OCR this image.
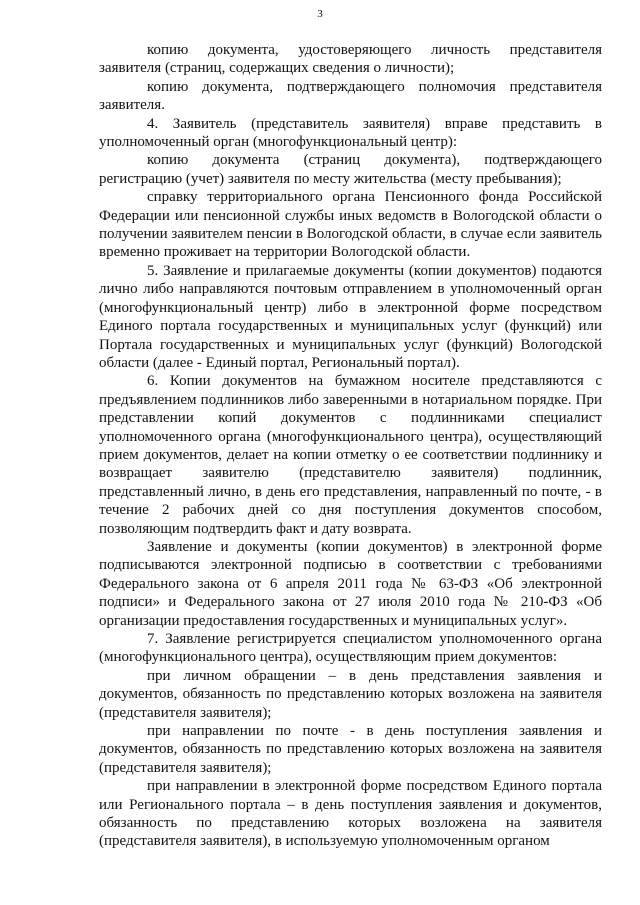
3

копию документа, удостоверяющего личность представителя заявителя (страниц, содержащих сведения о личности);

копию документа, подтверждающего полномочия представителя заявителя.

4. Заявитель (представитель заявителя) вправе представить в уполномоченный орган (многофункциональный центр):

копию документа (страниц документа), подтверждающего регистрацию (учет) заявителя по месту жительства (месту пребывания);

справку территориального органа Пенсионного фонда Российской Федерации или пенсионной службы иных ведомств в Вологодской области о получении заявителем пенсии в Вологодской области, в случае если заявитель временно проживает на территории Вологодской области.

5. Заявление и прилагаемые документы (копии документов) подаются лично либо направляются почтовым отправлением в уполномоченный орган (многофункциональный центр) либо в электронной форме посредством Единого портала государственных и муниципальных услуг (функций) или Портала государственных и муниципальных услуг (функций) Вологодской области (далее - Единый портал, Региональный портал).

6. Копии документов на бумажном носителе представляются с предъявлением подлинников либо заверенными в нотариальном порядке. При представлении копий документов с подлинниками специалист уполномоченного органа (многофункционального центра), осуществляющий прием документов, делает на копии отметку о ее соответствии подлиннику и возвращает заявителю (представителю заявителя) подлинник, представленный лично, в день его представления, направленный по почте, - в течение 2 рабочих дней со дня поступления документов способом, позволяющим подтвердить факт и дату возврата.

Заявление и документы (копии документов) в электронной форме подписываются электронной подписью в соответствии с требованиями Федерального закона от 6 апреля 2011 года № 63-ФЗ «Об электронной подписи» и Федерального закона от 27 июля 2010 года № 210-ФЗ «Об организации предоставления государственных и муниципальных услуг».

7. Заявление регистрируется специалистом уполномоченного органа (многофункционального центра), осуществляющим прием документов:

при личном обращении – в день представления заявления и документов, обязанность по представлению которых возложена на заявителя (представителя заявителя);

при направлении по почте - в день поступления заявления и документов, обязанность по представлению которых возложена на заявителя (представителя заявителя);

при направлении в электронной форме посредством Единого портала или Регионального портала – в день поступления заявления и документов, обязанность по представлению которых возложена на заявителя (представителя заявителя), в используемую уполномоченным органом
